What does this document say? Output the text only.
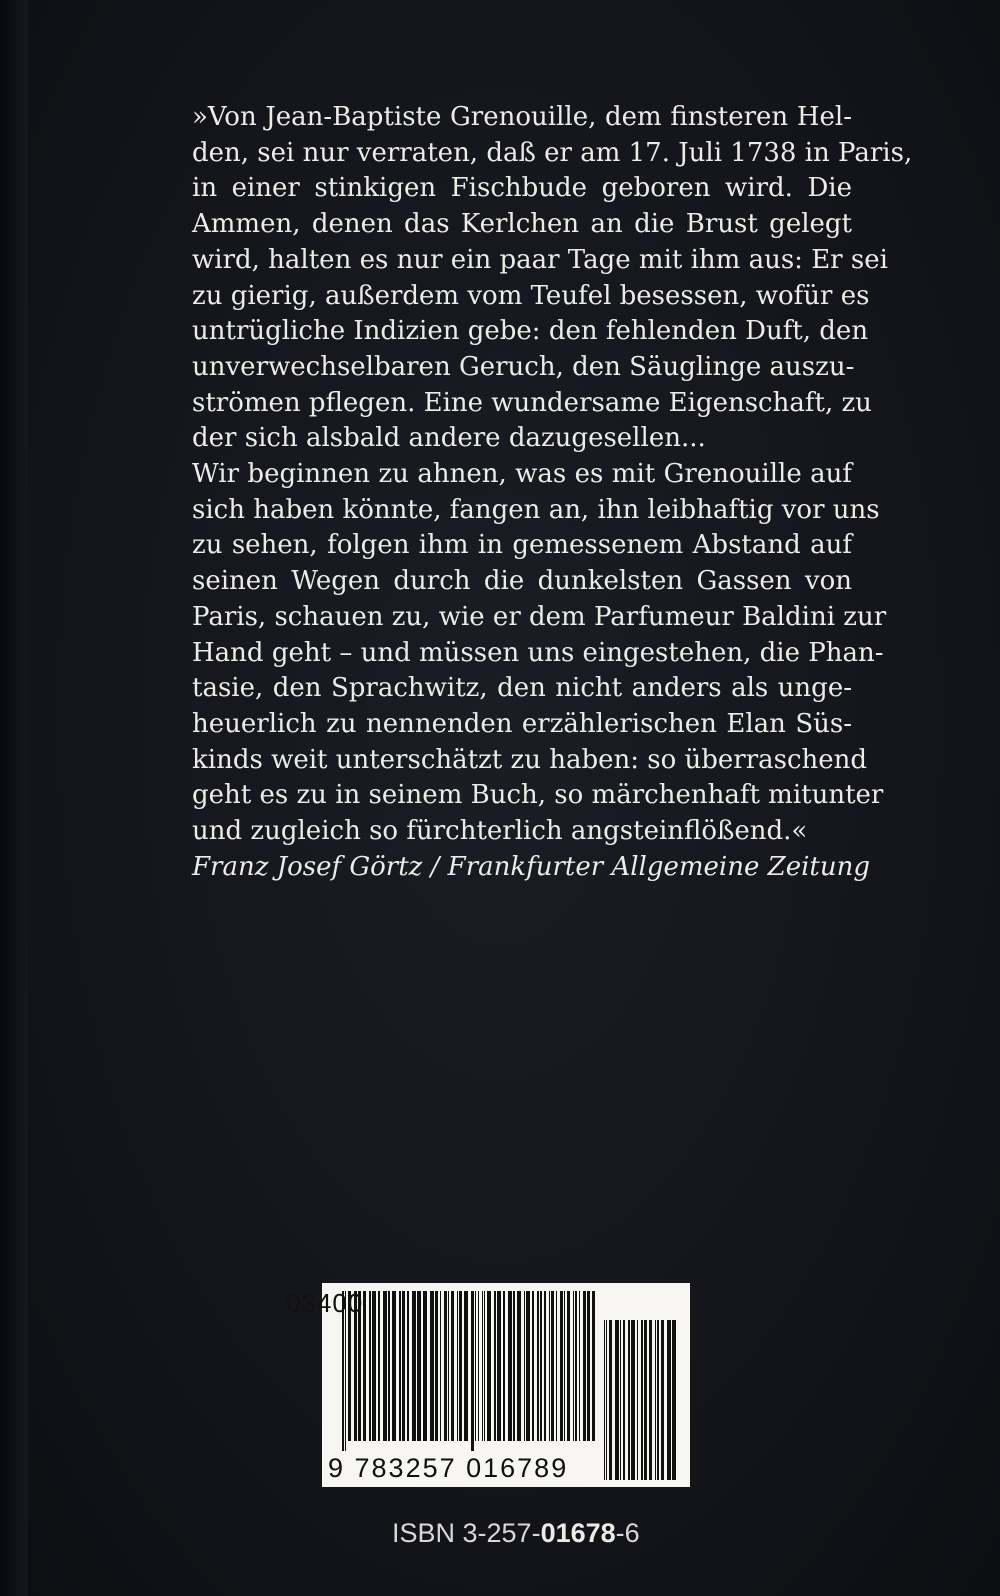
»Von Jean-Baptiste Grenouille, dem finsteren Hel-
den, sei nur verraten, daß er am 17. Juli 1738 in Paris,
in einer stinkigen Fischbude geboren wird. Die
Ammen, denen das Kerlchen an die Brust gelegt
wird, halten es nur ein paar Tage mit ihm aus: Er sei
zu gierig, außerdem vom Teufel besessen, wofür es
untrügliche Indizien gebe: den fehlenden Duft, den
unverwechselbaren Geruch, den Säuglinge auszu-
strömen pflegen. Eine wundersame Eigenschaft, zu
der sich alsbald andere dazugesellen...
Wir beginnen zu ahnen, was es mit Grenouille auf
sich haben könnte, fangen an, ihn leibhaftig vor uns
zu sehen, folgen ihm in gemessenem Abstand auf
seinen Wegen durch die dunkelsten Gassen von
Paris, schauen zu, wie er dem Parfumeur Baldini zur
Hand geht – und müssen uns eingestehen, die Phan-
tasie, den Sprachwitz, den nicht anders als unge-
heuerlich zu nennenden erzählerischen Elan Süs-
kinds weit unterschätzt zu haben: so überraschend
geht es zu in seinem Buch, so märchenhaft mitunter
und zugleich so fürchterlich angsteinflößend.«
Franz Josef Görtz / Frankfurter Allgemeine Zeitung
9 783257 016789
03400
ISBN 3-257-01678-6
